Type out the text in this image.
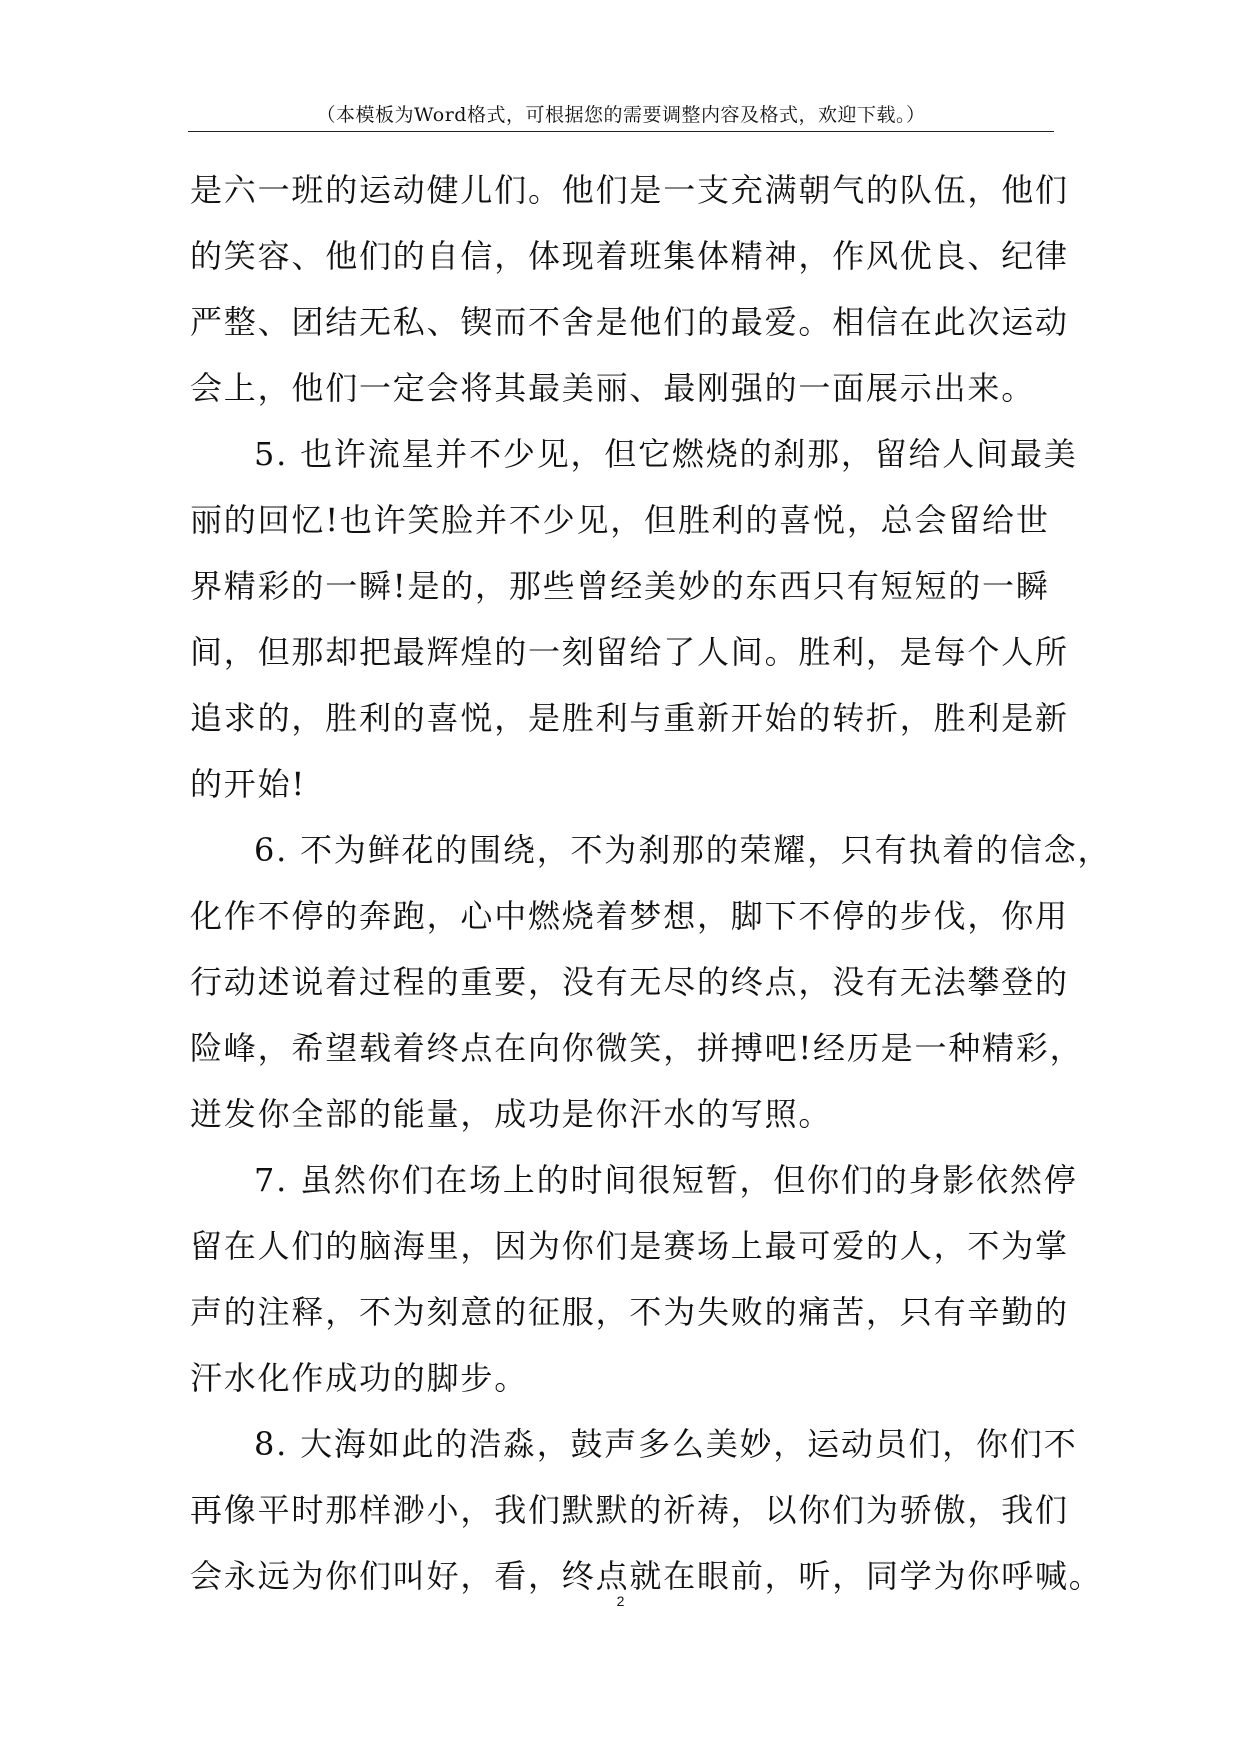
（本模板为Word格式，可根据您的需要调整内容及格式，欢迎下载。）
是六一班的运动健儿们。他们是一支充满朝气的队伍，他们
的笑容、他们的自信，体现着班集体精神，作风优良、纪律
严整、团结无私、锲而不舍是他们的最爱。相信在此次运动
会上，他们一定会将其最美丽、最刚强的一面展示出来。
5. 也许流星并不少见，但它燃烧的刹那，留给人间最美
丽的回忆!也许笑脸并不少见，但胜利的喜悦，总会留给世
界精彩的一瞬!是的，那些曾经美妙的东西只有短短的一瞬
间，但那却把最辉煌的一刻留给了人间。胜利，是每个人所
追求的，胜利的喜悦，是胜利与重新开始的转折，胜利是新
的开始!
6. 不为鲜花的围绕，不为刹那的荣耀，只有执着的信念，
化作不停的奔跑，心中燃烧着梦想，脚下不停的步伐，你用
行动述说着过程的重要，没有无尽的终点，没有无法攀登的
险峰，希望载着终点在向你微笑，拼搏吧!经历是一种精彩，
迸发你全部的能量，成功是你汗水的写照。
7. 虽然你们在场上的时间很短暂，但你们的身影依然停
留在人们的脑海里，因为你们是赛场上最可爱的人，不为掌
声的注释，不为刻意的征服，不为失败的痛苦，只有辛勤的
汗水化作成功的脚步。
8. 大海如此的浩淼，鼓声多么美妙，运动员们，你们不
再像平时那样渺小，我们默默的祈祷，以你们为骄傲，我们
会永远为你们叫好，看，终点就在眼前，听，同学为你呼喊。
2
